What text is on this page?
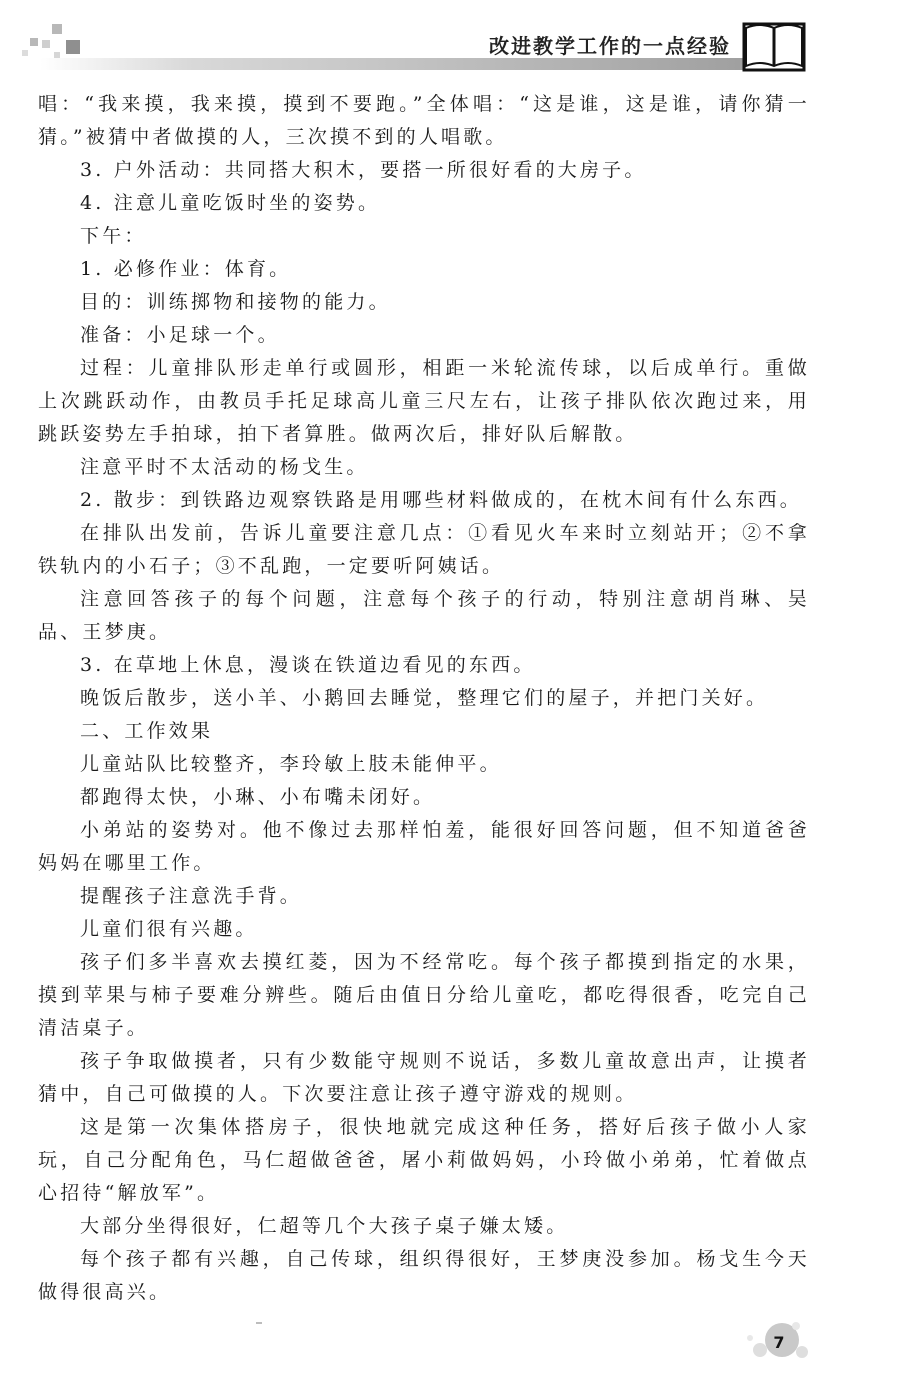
改进教学工作的一点经验

唱：“我来摸，我来摸，摸到不要跑。”全体唱：“这是谁，这是谁，请你猜一猜。”被猜中者做摸的人，三次摸不到的人唱歌。

3. 户外活动：共同搭大积木，要搭一所很好看的大房子。

4. 注意儿童吃饭时坐的姿势。

下午：

1. 必修作业：体育。

目的：训练掷物和接物的能力。

准备：小足球一个。

过程：儿童排队形走单行或圆形，相距一米轮流传球，以后成单行。重做上次跳跃动作，由教员手托足球高儿童三尺左右，让孩子排队依次跑过来，用跳跃姿势左手拍球，拍下者算胜。做两次后，排好队后解散。

注意平时不太活动的杨戈生。

2. 散步：到铁路边观察铁路是用哪些材料做成的，在枕木间有什么东西。

在排队出发前，告诉儿童要注意几点：①看见火车来时立刻站开；②不拿铁轨内的小石子；③不乱跑，一定要听阿姨话。

注意回答孩子的每个问题，注意每个孩子的行动，特别注意胡肖琳、吴品、王梦庚。

3. 在草地上休息，漫谈在铁道边看见的东西。

晚饭后散步，送小羊、小鹅回去睡觉，整理它们的屋子，并把门关好。

二、工作效果

儿童站队比较整齐，李玲敏上肢未能伸平。

都跑得太快，小琳、小布嘴未闭好。

小弟站的姿势对。他不像过去那样怕羞，能很好回答问题，但不知道爸爸妈妈在哪里工作。

提醒孩子注意洗手背。

儿童们很有兴趣。

孩子们多半喜欢去摸红菱，因为不经常吃。每个孩子都摸到指定的水果，摸到苹果与柿子要难分辨些。随后由值日分给儿童吃，都吃得很香，吃完自己清洁桌子。

孩子争取做摸者，只有少数能守规则不说话，多数儿童故意出声，让摸者猜中，自己可做摸的人。下次要注意让孩子遵守游戏的规则。

这是第一次集体搭房子，很快地就完成这种任务，搭好后孩子做小人家玩，自己分配角色，马仁超做爸爸，屠小莉做妈妈，小玲做小弟弟，忙着做点心招待“解放军”。

大部分坐得很好，仁超等几个大孩子桌子嫌太矮。

每个孩子都有兴趣，自己传球，组织得很好，王梦庚没参加。杨戈生今天做得很高兴。

7
